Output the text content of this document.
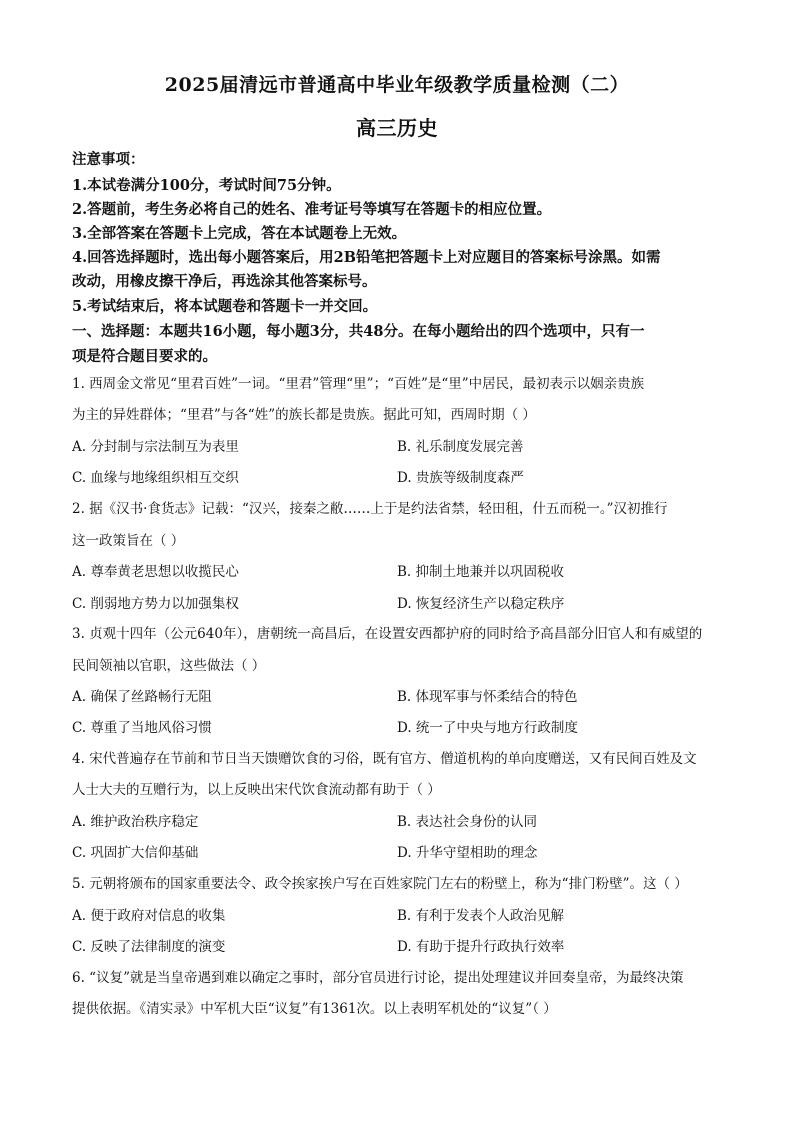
2025届清远市普通高中毕业年级教学质量检测（二）
高三历史
注意事项：
1.本试卷满分100分，考试时间75分钟。
2.答题前，考生务必将自己的姓名、准考证号等填写在答题卡的相应位置。
3.全部答案在答题卡上完成，答在本试题卷上无效。
4.回答选择题时，选出每小题答案后，用2B铅笔把答题卡上对应题目的答案标号涂黑。如需
改动，用橡皮擦干净后，再选涂其他答案标号。
5.考试结束后，将本试题卷和答题卡一并交回。
一、选择题：本题共16小题，每小题3分，共48分。在每小题给出的四个选项中，只有一
项是符合题目要求的。
1. 西周金文常见“里君百姓”一词。“里君”管理“里”；“百姓”是“里”中居民，最初表示以姻亲贵族
为主的异姓群体；“里君”与各“姓”的族长都是贵族。据此可知，西周时期（ ）
A. 分封制与宗法制互为表里	B. 礼乐制度发展完善
C. 血缘与地缘组织相互交织	D. 贵族等级制度森严
2. 据《汉书·食货志》记载：“汉兴，接秦之敝……上于是约法省禁，轻田租，什五而税一。”汉初推行
这一政策旨在（ ）
A. 尊奉黄老思想以收揽民心	B. 抑制土地兼并以巩固税收
C. 削弱地方势力以加强集权	D. 恢复经济生产以稳定秩序
3. 贞观十四年（公元640年），唐朝统一高昌后，在设置安西都护府的同时给予高昌部分旧官人和有威望的
民间领袖以官职，这些做法（ ）
A. 确保了丝路畅行无阻	B. 体现军事与怀柔结合的特色
C. 尊重了当地风俗习惯	D. 统一了中央与地方行政制度
4. 宋代普遍存在节前和节日当天馈赠饮食的习俗，既有官方、僧道机构的单向度赠送，又有民间百姓及文
人士大夫的互赠行为，以上反映出宋代饮食流动都有助于（ ）
A. 维护政治秩序稳定	B. 表达社会身份的认同
C. 巩固扩大信仰基础	D. 升华守望相助的理念
5. 元朝将颁布的国家重要法令、政令挨家挨户写在百姓家院门左右的粉壁上，称为“排门粉壁”。这（ ）
A. 便于政府对信息的收集	B. 有利于发表个人政治见解
C. 反映了法律制度的演变	D. 有助于提升行政执行效率
6. “议复”就是当皇帝遇到难以确定之事时，部分官员进行讨论，提出处理建议并回奏皇帝，为最终决策
提供依据。《清实录》中军机大臣“议复”有1361次。以上表明军机处的“议复”（ ）
